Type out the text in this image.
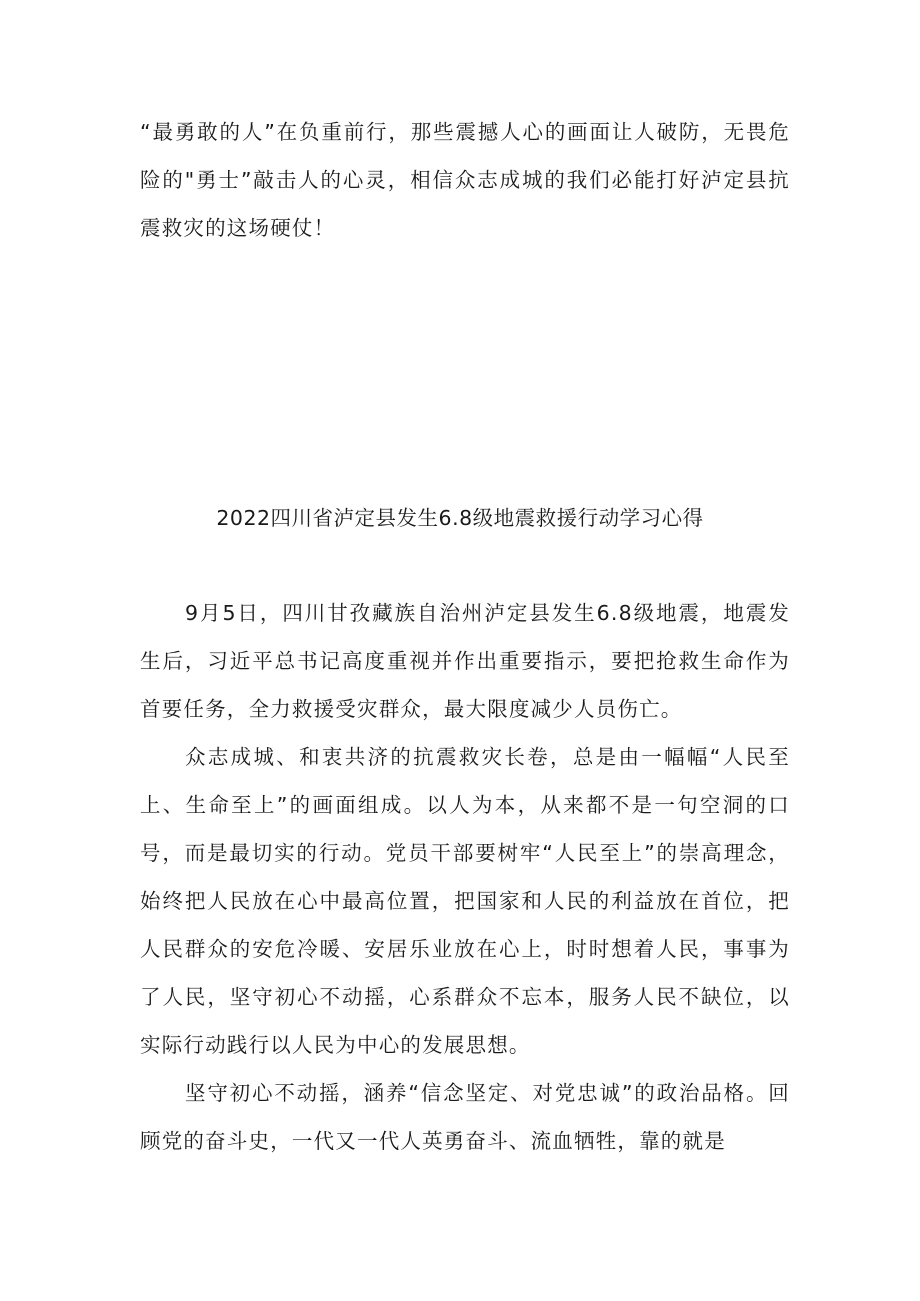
“最勇敢的人”在负重前行，那些震撼人心的画面让人破防，无畏危险的"勇士”敲击人的心灵，相信众志成城的我们必能打好泸定县抗震救灾的这场硬仗！

2022四川省泸定县发生6.8级地震救援行动学习心得

9月5日，四川甘孜藏族自治州泸定县发生6.8级地震，地震发生后，习近平总书记高度重视并作出重要指示，要把抢救生命作为首要任务，全力救援受灾群众，最大限度减少人员伤亡。

众志成城、和衷共济的抗震救灾长卷，总是由一幅幅“人民至上、生命至上”的画面组成。以人为本，从来都不是一句空洞的口号，而是最切实的行动。党员干部要树牢“人民至上”的崇高理念，始终把人民放在心中最高位置，把国家和人民的利益放在首位，把人民群众的安危冷暖、安居乐业放在心上，时时想着人民，事事为了人民，坚守初心不动摇，心系群众不忘本，服务人民不缺位，以实际行动践行以人民为中心的发展思想。

坚守初心不动摇，涵养“信念坚定、对党忠诚”的政治品格。回顾党的奋斗史，一代又一代人英勇奋斗、流血牺牲，靠的就是
